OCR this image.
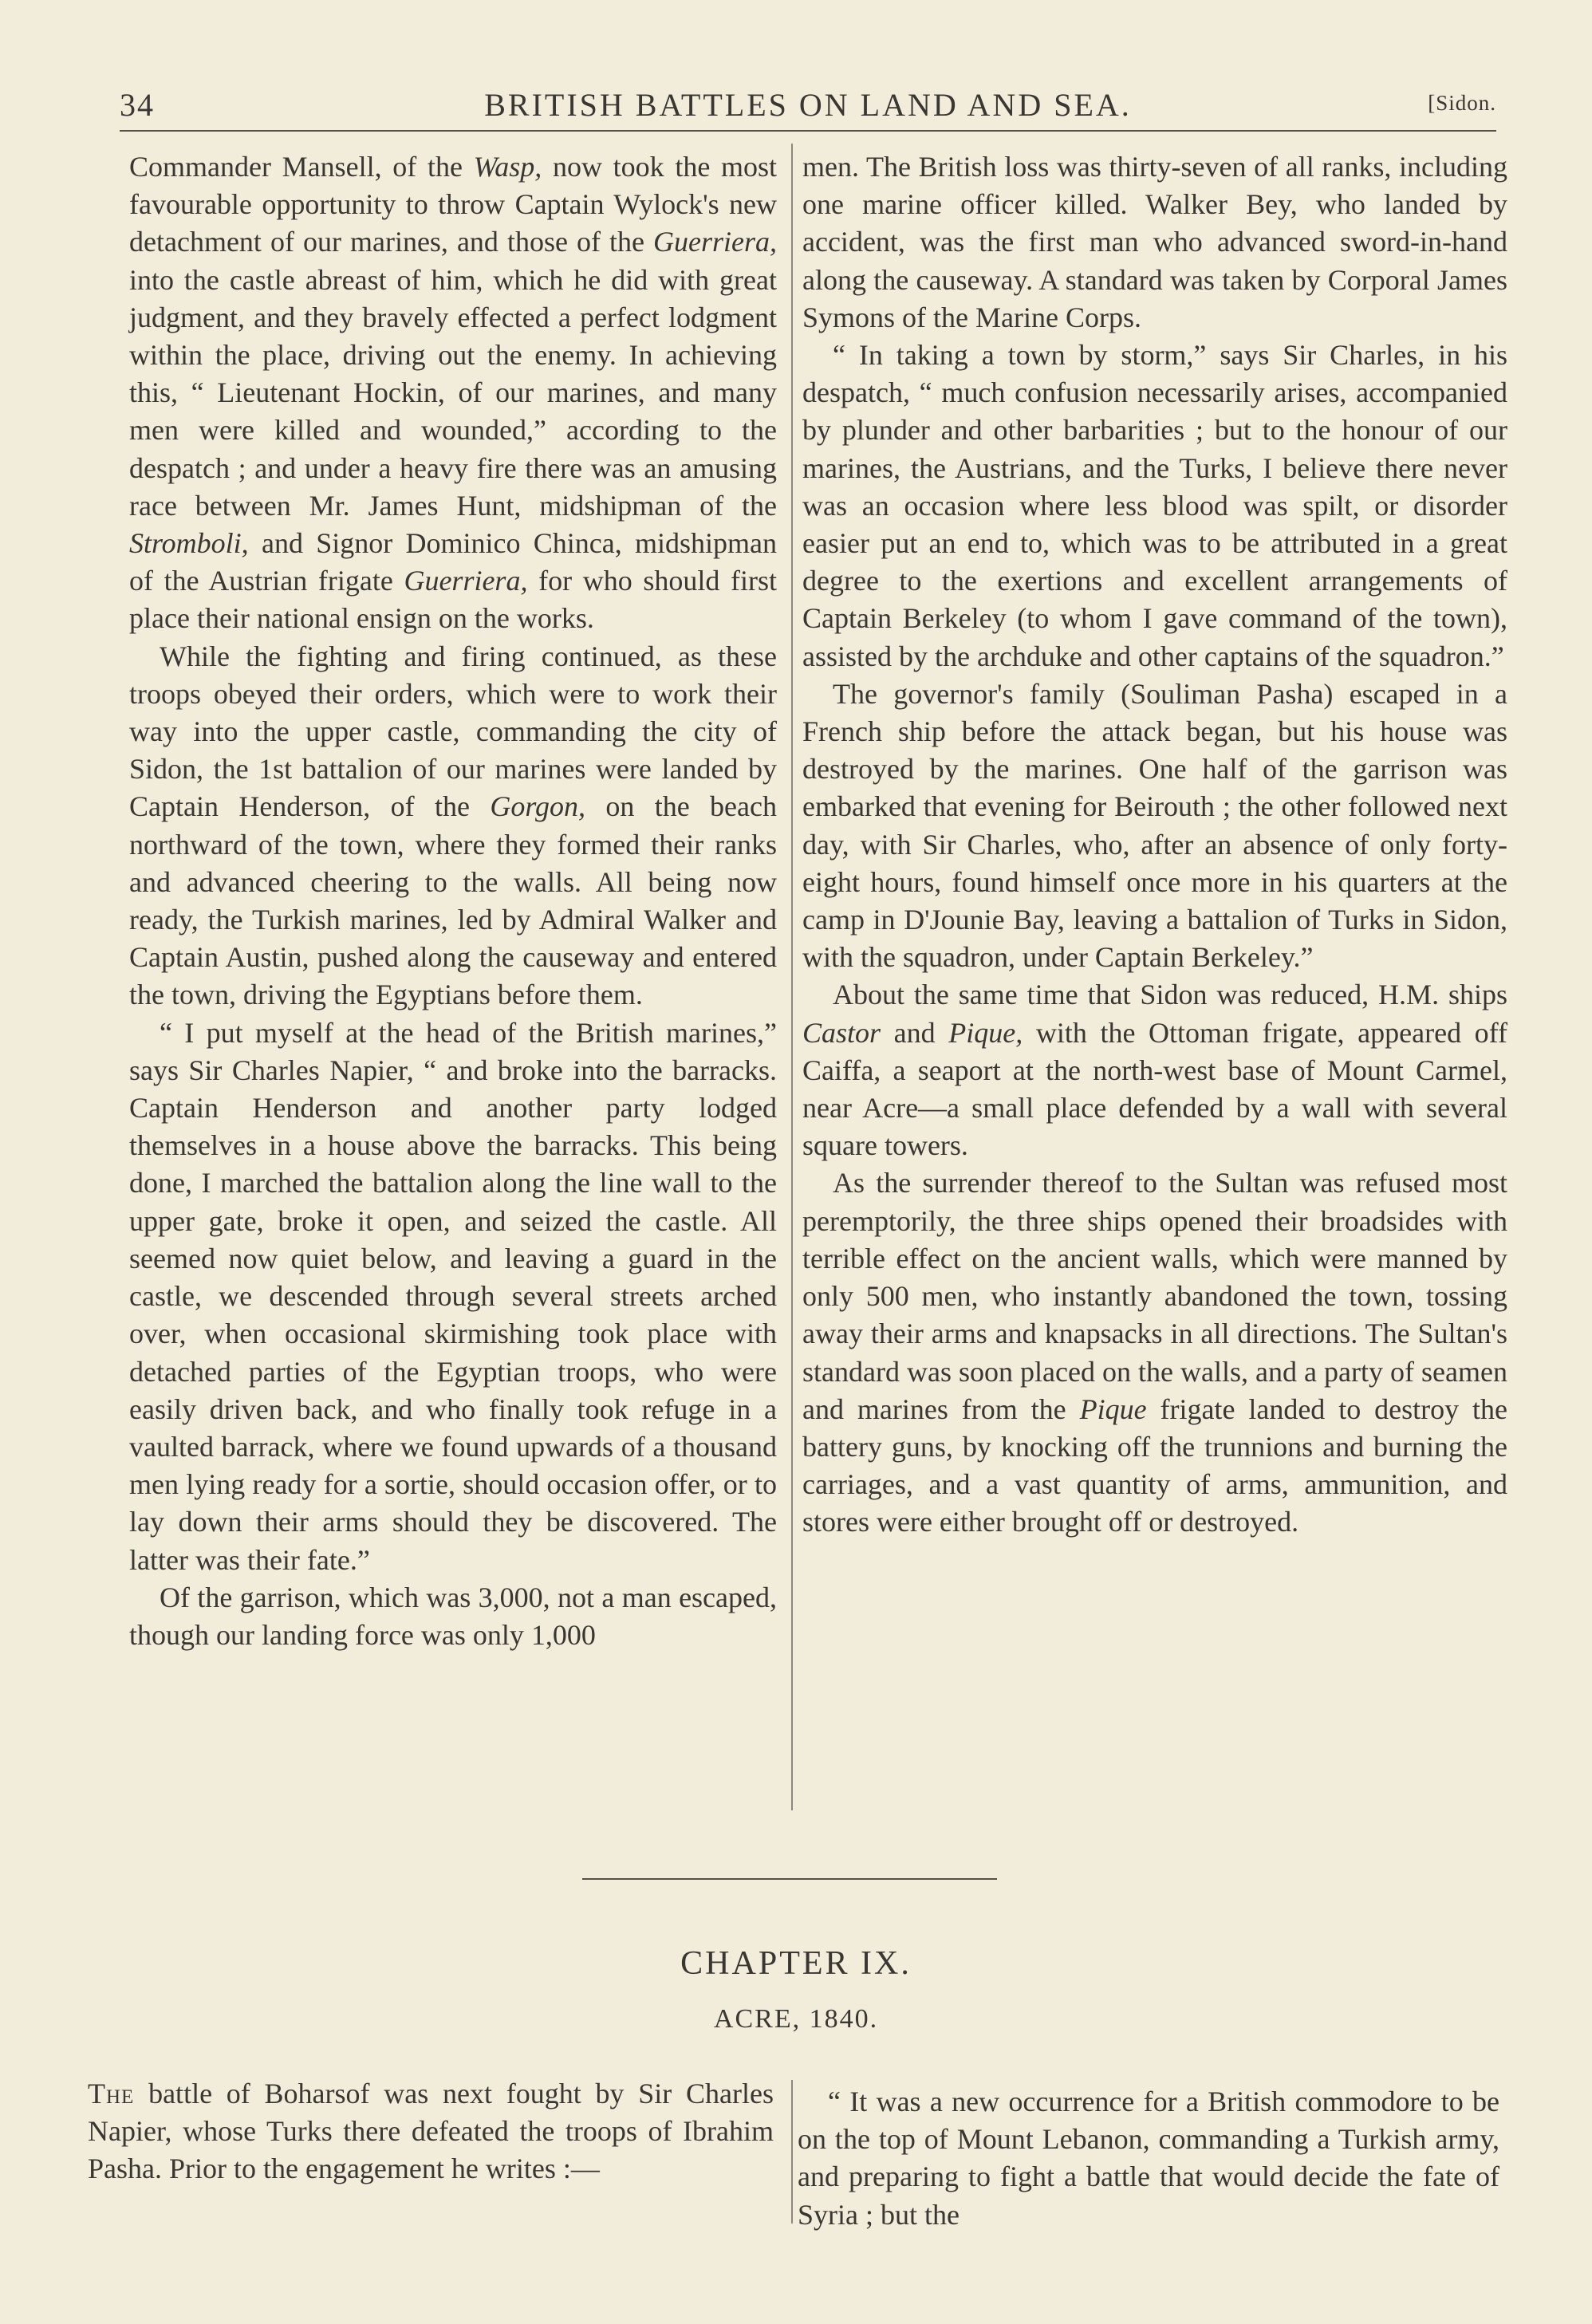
34	BRITISH BATTLES ON LAND AND SEA.	[Sidon.

Commander Mansell, of the Wasp, now took the most favourable opportunity to throw Captain Wylock's new detachment of our marines, and those of the Guerriera, into the castle abreast of him, which he did with great judgment, and they bravely effected a perfect lodgment within the place, driving out the enemy. In achieving this, “ Lieutenant Hockin, of our marines, and many men were killed and wounded,” according to the despatch ; and under a heavy fire there was an amusing race between Mr. James Hunt, midshipman of the Stromboli, and Signor Dominico Chinca, midshipman of the Austrian frigate Guerriera, for who should first place their national ensign on the works.

While the fighting and firing continued, as these troops obeyed their orders, which were to work their way into the upper castle, commanding the city of Sidon, the 1st battalion of our marines were landed by Captain Henderson, of the Gorgon, on the beach northward of the town, where they formed their ranks and advanced cheering to the walls. All being now ready, the Turkish marines, led by Admiral Walker and Captain Austin, pushed along the causeway and entered the town, driving the Egyptians before them.

“ I put myself at the head of the British marines,” says Sir Charles Napier, “ and broke into the barracks. Captain Henderson and another party lodged themselves in a house above the barracks. This being done, I marched the battalion along the line wall to the upper gate, broke it open, and seized the castle. All seemed now quiet below, and leaving a guard in the castle, we descended through several streets arched over, when occasional skirmishing took place with detached parties of the Egyptian troops, who were easily driven back, and who finally took refuge in a vaulted barrack, where we found upwards of a thousand men lying ready for a sortie, should occasion offer, or to lay down their arms should they be discovered. The latter was their fate.”

Of the garrison, which was 3,000, not a man escaped, though our landing force was only 1,000

men. The British loss was thirty-seven of all ranks, including one marine officer killed. Walker Bey, who landed by accident, was the first man who advanced sword-in-hand along the causeway. A standard was taken by Corporal James Symons of the Marine Corps.

“ In taking a town by storm,” says Sir Charles, in his despatch, “ much confusion necessarily arises, accompanied by plunder and other barbarities ; but to the honour of our marines, the Austrians, and the Turks, I believe there never was an occasion where less blood was spilt, or disorder easier put an end to, which was to be attributed in a great degree to the exertions and excellent arrangements of Captain Berkeley (to whom I gave command of the town), assisted by the archduke and other captains of the squadron.”

The governor's family (Souliman Pasha) escaped in a French ship before the attack began, but his house was destroyed by the marines. One half of the garrison was embarked that evening for Beirouth ; the other followed next day, with Sir Charles, who, after an absence of only forty-eight hours, found himself once more in his quarters at the camp in D'Jounie Bay, leaving a battalion of Turks in Sidon, with the squadron, under Captain Berkeley.”

About the same time that Sidon was reduced, H.M. ships Castor and Pique, with the Ottoman frigate, appeared off Caiffa, a seaport at the north-west base of Mount Carmel, near Acre—a small place defended by a wall with several square towers.

As the surrender thereof to the Sultan was refused most peremptorily, the three ships opened their broadsides with terrible effect on the ancient walls, which were manned by only 500 men, who instantly abandoned the town, tossing away their arms and knapsacks in all directions. The Sultan's standard was soon placed on the walls, and a party of seamen and marines from the Pique frigate landed to destroy the battery guns, by knocking off the trunnions and burning the carriages, and a vast quantity of arms, ammunition, and stores were either brought off or destroyed.

CHAPTER IX.
ACRE, 1840.

The battle of Boharsof was next fought by Sir Charles Napier, whose Turks there defeated the troops of Ibrahim Pasha. Prior to the engagement he writes :—

“ It was a new occurrence for a British commodore to be on the top of Mount Lebanon, commanding a Turkish army, and preparing to fight a battle that would decide the fate of Syria ; but the
